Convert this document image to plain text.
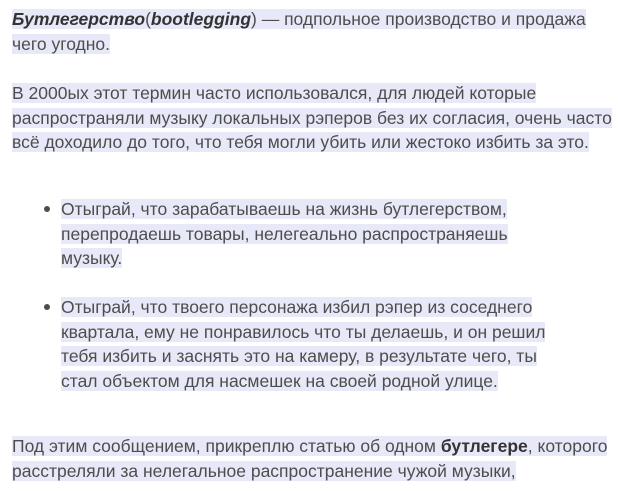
Бутлегерство(bootlegging) — подпольное производство и продажа чего угодно.

В 2000ых этот термин часто использовался, для людей которые распространяли музыку локальных рэперов без их согласия, очень часто всё доходило до того, что тебя могли убить или жестоко избить за это.

Отыграй, что зарабатываешь на жизнь бутлегерством, перепродаешь товары, нелегеально распространяешь музыку.

Отыграй, что твоего персонажа избил рэпер из соседнего квартала, ему не понравилось что ты делаешь, и он решил тебя избить и заснять это на камеру, в результате чего, ты стал объектом для насмешек на своей родной улице.

Под этим сообщением, прикреплю статью об одном бутлегере, которого расстреляли за нелегальное распространение чужой музыки,
